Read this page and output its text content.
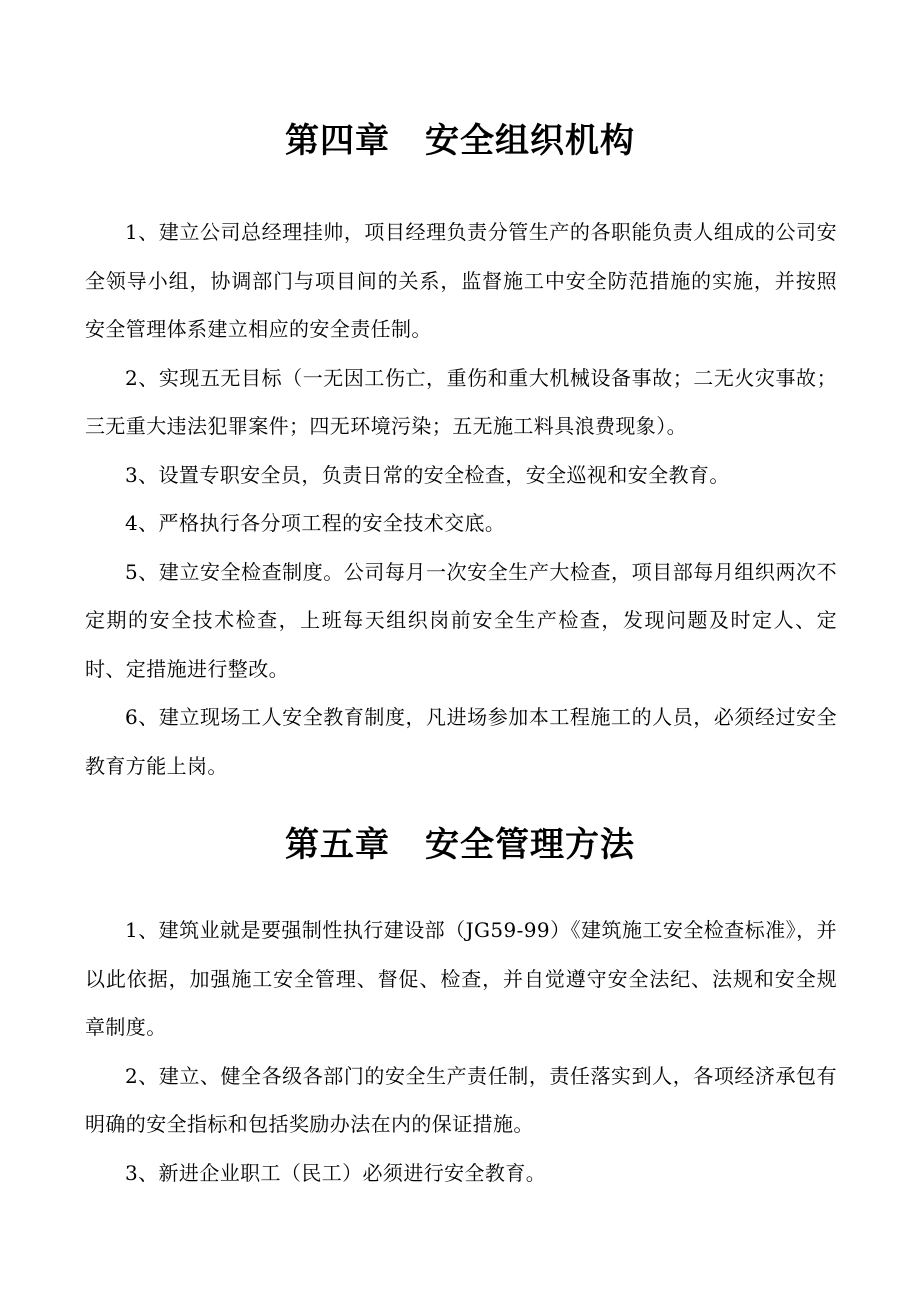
第四章　安全组织机构

1、建立公司总经理挂帅，项目经理负责分管生产的各职能负责人组成的公司安全领导小组，协调部门与项目间的关系，监督施工中安全防范措施的实施，并按照安全管理体系建立相应的安全责任制。

2、实现五无目标（一无因工伤亡，重伤和重大机械设备事故；二无火灾事故；三无重大违法犯罪案件；四无环境污染；五无施工料具浪费现象）。

3、设置专职安全员，负责日常的安全检查，安全巡视和安全教育。

4、严格执行各分项工程的安全技术交底。

5、建立安全检查制度。公司每月一次安全生产大检查，项目部每月组织两次不定期的安全技术检查，上班每天组织岗前安全生产检查，发现问题及时定人、定时、定措施进行整改。

6、建立现场工人安全教育制度，凡进场参加本工程施工的人员，必须经过安全教育方能上岗。

第五章　安全管理方法

1、建筑业就是要强制性执行建设部（JG59-99）《建筑施工安全检查标准》，并以此依据，加强施工安全管理、督促、检查，并自觉遵守安全法纪、法规和安全规章制度。

2、建立、健全各级各部门的安全生产责任制，责任落实到人，各项经济承包有明确的安全指标和包括奖励办法在内的保证措施。

3、新进企业职工（民工）必须进行安全教育。
